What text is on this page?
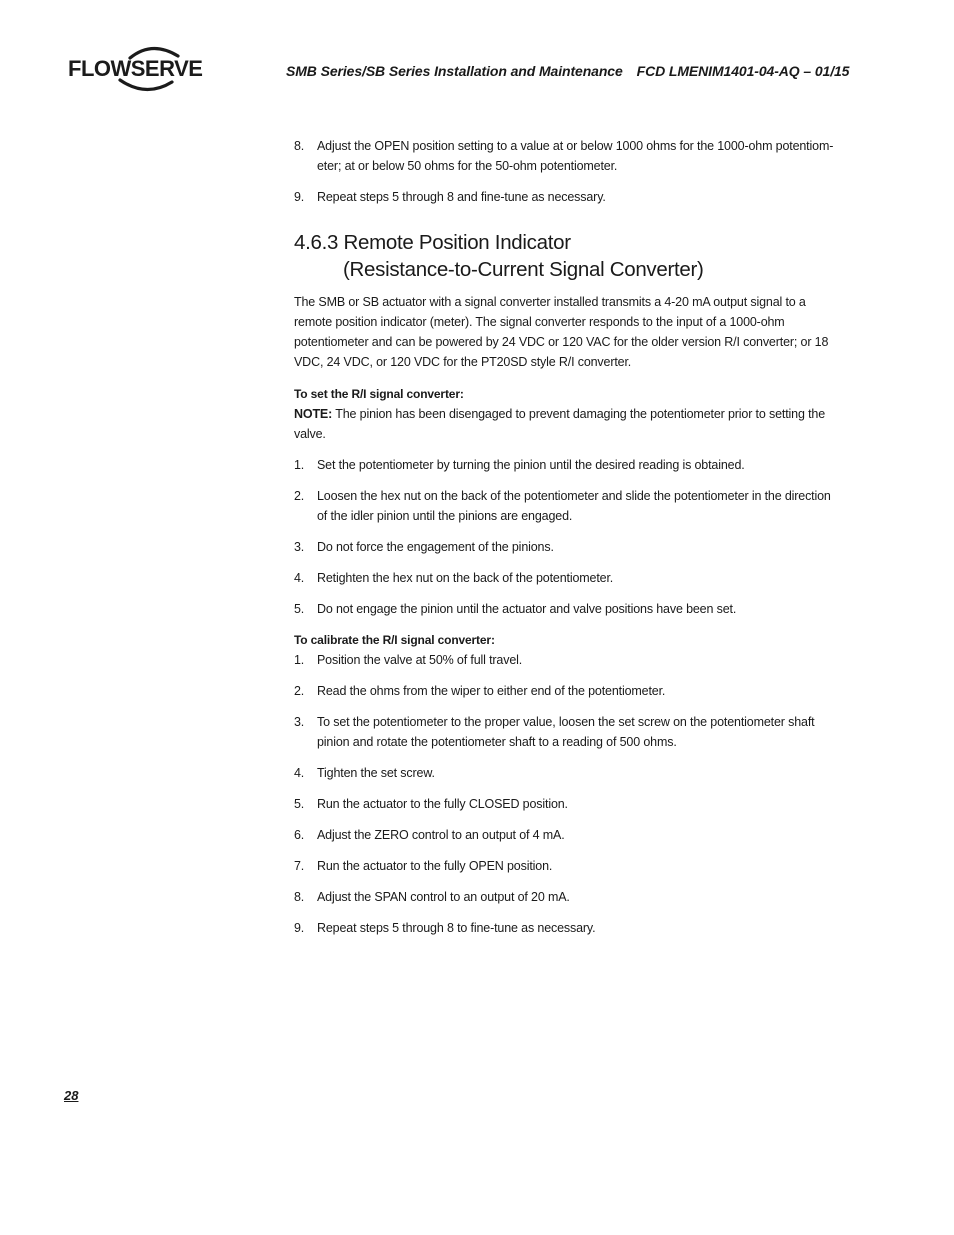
FLOWSERVE	SMB Series/SB Series Installation and Maintenance FCD LMENIM1401-04-AQ – 01/15
8.	Adjust the OPEN position setting to a value at or below 1000 ohms for the 1000-ohm potentiom-eter; at or below 50 ohms for the 50-ohm potentiometer.
9.	Repeat steps 5 through 8 and fine-tune as necessary.
4.6.3 Remote Position Indicator
(Resistance-to-Current Signal Converter)

The SMB or SB actuator with a signal converter installed transmits a 4-20 mA output signal to a remote position indicator (meter). The signal converter responds to the input of a 1000-ohm potentiometer and can be powered by 24 VDC or 120 VAC for the older version R/I converter; or 18 VDC, 24 VDC, or 120 VDC for the PT20SD style R/I converter.

To set the R/I signal converter:
NOTE: The pinion has been disengaged to prevent damaging the potentiometer prior to setting the valve.
1.	Set the potentiometer by turning the pinion until the desired reading is obtained.
2.	Loosen the hex nut on the back of the potentiometer and slide the potentiometer in the direction of the idler pinion until the pinions are engaged.
3.	Do not force the engagement of the pinions.
4.	Retighten the hex nut on the back of the potentiometer.
5.	Do not engage the pinion until the actuator and valve positions have been set.
To calibrate the R/I signal converter:
1.	Position the valve at 50% of full travel.
2.	Read the ohms from the wiper to either end of the potentiometer.
3.	To set the potentiometer to the proper value, loosen the set screw on the potentiometer shaft pinion and rotate the potentiometer shaft to a reading of 500 ohms.
4.	Tighten the set screw.
5.	Run the actuator to the fully CLOSED position.
6.	Adjust the ZERO control to an output of 4 mA.
7.	Run the actuator to the fully OPEN position.
8.	Adjust the SPAN control to an output of 20 mA.
9.	Repeat steps 5 through 8 to fine-tune as necessary.
28
